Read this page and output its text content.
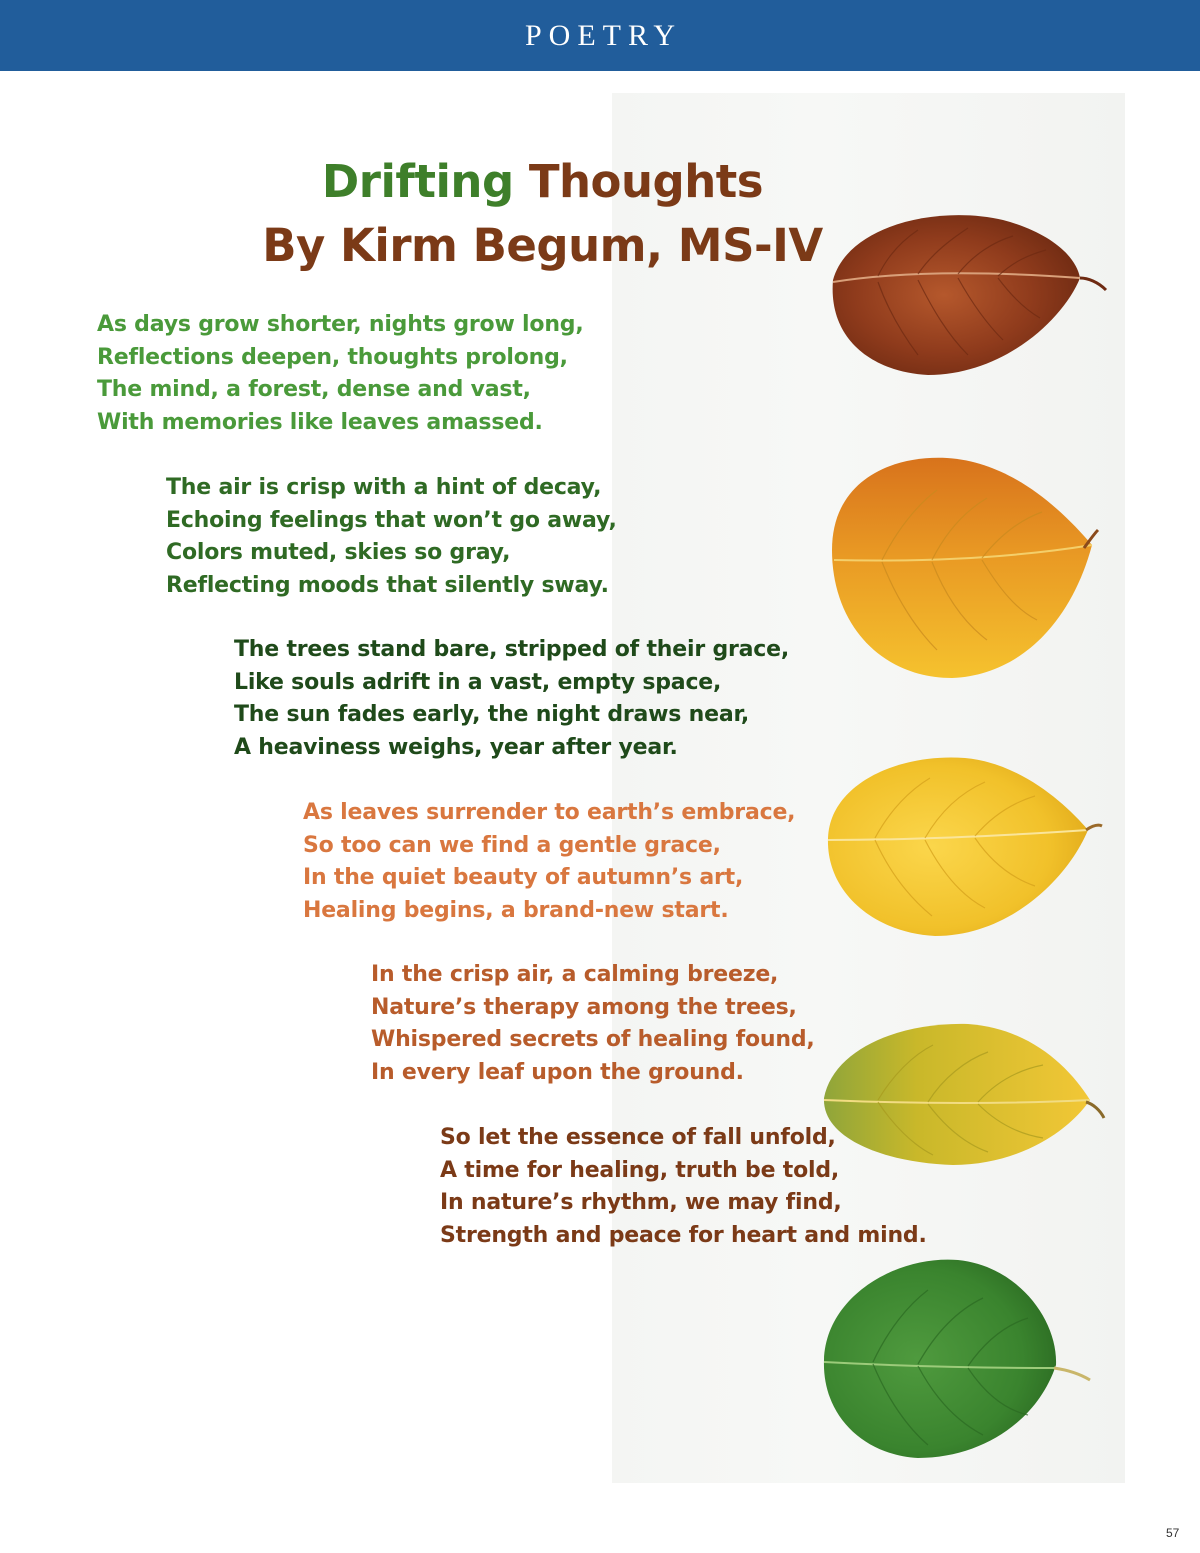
POETRY
Drifting Thoughts
By Kirm Begum, MS-IV
As days grow shorter, nights grow long,
Reflections deepen, thoughts prolong,
The mind, a forest, dense and vast,
With memories like leaves amassed.
The air is crisp with a hint of decay,
Echoing feelings that won’t go away,
Colors muted, skies so gray,
Reflecting moods that silently sway.
The trees stand bare, stripped of their grace,
Like souls adrift in a vast, empty space,
The sun fades early, the night draws near,
A heaviness weighs, year after year.
As leaves surrender to earth’s embrace,
So too can we find a gentle grace,
In the quiet beauty of autumn’s art,
Healing begins, a brand-new start.
In the crisp air, a calming breeze,
Nature’s therapy among the trees,
Whispered secrets of healing found,
In every leaf upon the ground.
So let the essence of fall unfold,
A time for healing, truth be told,
In nature’s rhythm, we may find,
Strength and peace for heart and mind.
57
